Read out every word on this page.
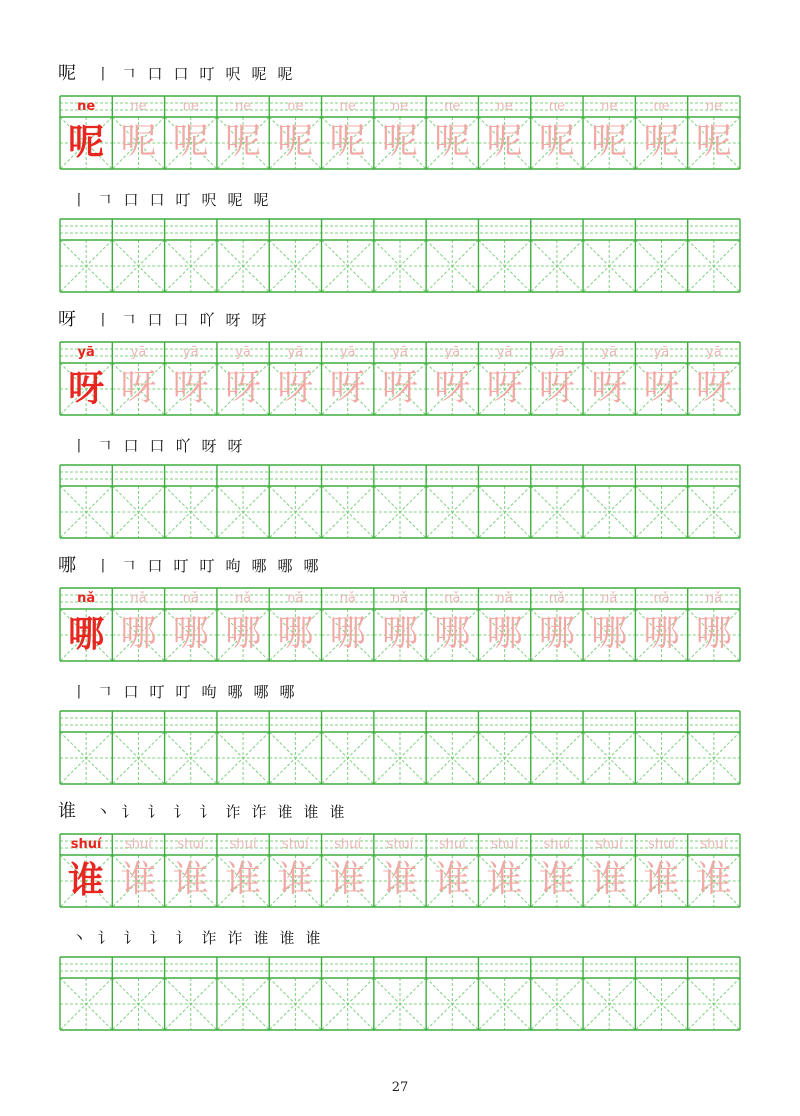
呢 丨 𠃍 口 口 叮 呎 呢 呢
ne
呢
ne
呢
ne
呢
ne
呢
ne
呢
ne
呢
ne
呢
ne
呢
ne
呢
ne
呢
ne
呢
ne
呢
ne
呢
丨 𠃍 口 口 叮 呎 呢 呢
呀 丨 𠃍 口 口 吖 呀 呀
yā
呀
yā
呀
yā
呀
yā
呀
yā
呀
yā
呀
yā
呀
yā
呀
yā
呀
yā
呀
yā
呀
yā
呀
yā
呀
丨 𠃍 口 口 吖 呀 呀
哪 丨 𠃍 口 叮 叮 呴 哪 哪 哪
nǎ
哪
nǎ
哪
nǎ
哪
nǎ
哪
nǎ
哪
nǎ
哪
nǎ
哪
nǎ
哪
nǎ
哪
nǎ
哪
nǎ
哪
nǎ
哪
nǎ
哪
丨 𠃍 口 叮 叮 呴 哪 哪 哪
谁 丶 讠 讠 讠 讠 诈 诈 谁 谁 谁
shuí
谁
shuí
谁
shuí
谁
shuí
谁
shuí
谁
shuí
谁
shuí
谁
shuí
谁
shuí
谁
shuí
谁
shuí
谁
shuí
谁
shuí
谁
丶 讠 讠 讠 讠 诈 诈 谁 谁 谁
27
